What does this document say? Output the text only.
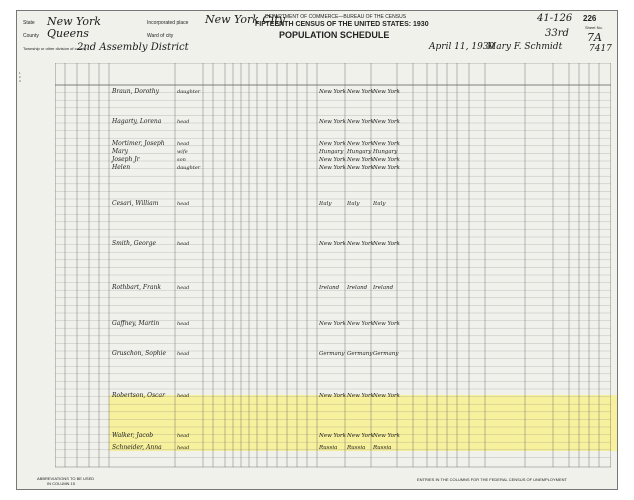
DEPARTMENT OF COMMERCE—BUREAU OF THE CENSUS
FIFTEENTH CENSUS OF THE UNITED STATES: 1930
POPULATION SCHEDULE
State New York
County Queens
Township or other division of county
2nd Assembly District
Incorporated place New York City
Ward of city
41-126 226
Sheet No.
7A
33rd
April 11, 1930
Mary F. Schmidt	7417
1
2
3
Braun, Dorothy	daughter	New York New York New York
Hagarty, Lorena	head	New York New York New York
Mortimer, Joseph head	New York New York New York
Mary	wife	Hungary Hungary Hungary
Joseph Jr	son	New York New York New York
Helen	daughter	New York New York New York
Cesari, William	head	Italy	Italy Italy
Smith, George	head	New York New York New York
Rothbart, Frank	head	Ireland Ireland Ireland
Gaffney, Martin	head	New York New York New York
Gruschon, Sophie head	Germany Germany Germany
Robertson, Oscar head	New York New York New York
Walker, Jacob	head	New York New York New York
Schneider, Anna	head	Russia Russia Russia
ABBREVIATIONS TO BE USED
IN COLUMN 15
ENTRIES IN THE COLUMNS FOR THE FEDERAL CENSUS OF UNEMPLOYMENT
